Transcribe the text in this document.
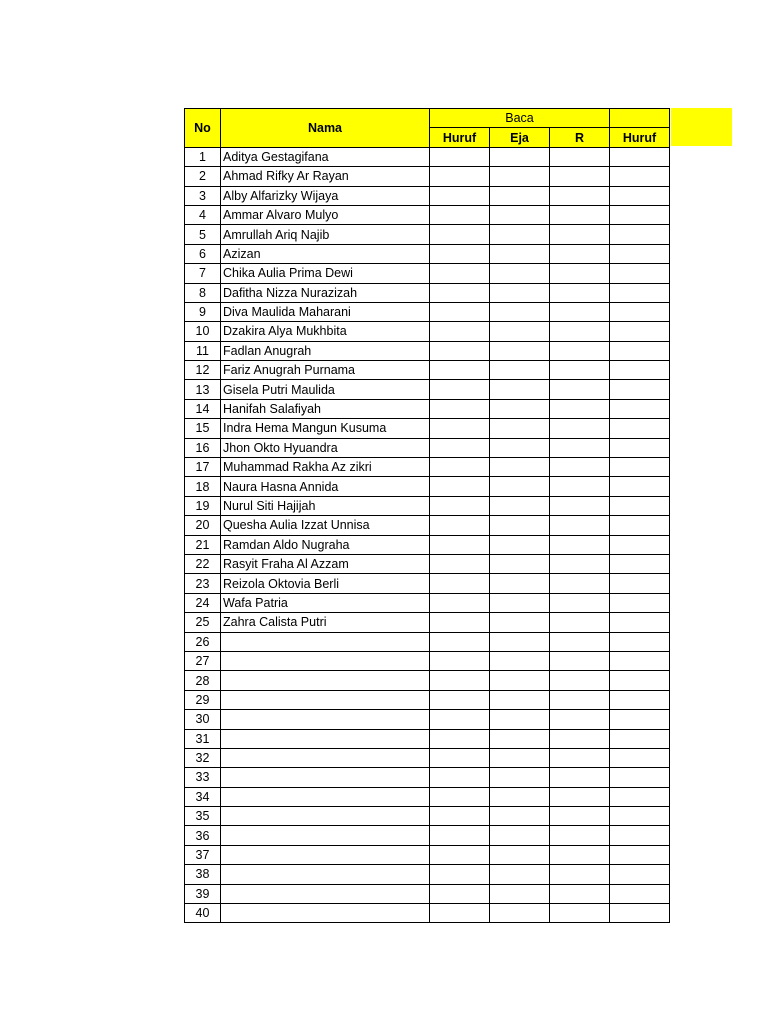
No	Nama	Baca			
		Huruf	Eja	R	Huruf
1	Aditya Gestagifana				
2	Ahmad Rifky Ar Rayan				
3	Alby Alfarizky Wijaya				
4	Ammar Alvaro Mulyo				
5	Amrullah Ariq Najib				
6	Azizan				
7	Chika Aulia Prima Dewi				
8	Dafitha Nizza Nurazizah				
9	Diva Maulida Maharani				
10	Dzakira Alya Mukhbita				
11	Fadlan Anugrah				
12	Fariz Anugrah Purnama				
13	Gisela Putri Maulida				
14	Hanifah Salafiyah				
15	Indra Hema Mangun Kusuma				
16	Jhon Okto Hyuandra				
17	Muhammad Rakha Az zikri				
18	Naura Hasna Annida				
19	Nurul Siti Hajijah				
20	Quesha Aulia Izzat Unnisa				
21	Ramdan Aldo Nugraha				
22	Rasyit Fraha Al Azzam				
23	Reizola Oktovia Berli				
24	Wafa Patria				
25	Zahra Calista Putri				
26					
27					
28					
29					
30					
31					
32					
33					
34					
35					
36					
37					
38					
39					
40					
